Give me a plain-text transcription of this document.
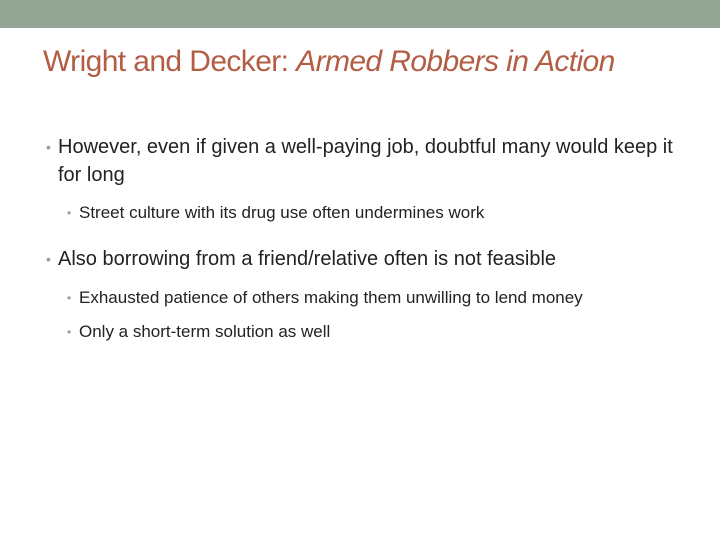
Wright and Decker: Armed Robbers in Action

• However, even if given a well-paying job, doubtful many would keep it for long

• Street culture with its drug use often undermines work

• Also borrowing from a friend/relative often is not feasible

• Exhausted patience of others making them unwilling to lend money

• Only a short-term solution as well
